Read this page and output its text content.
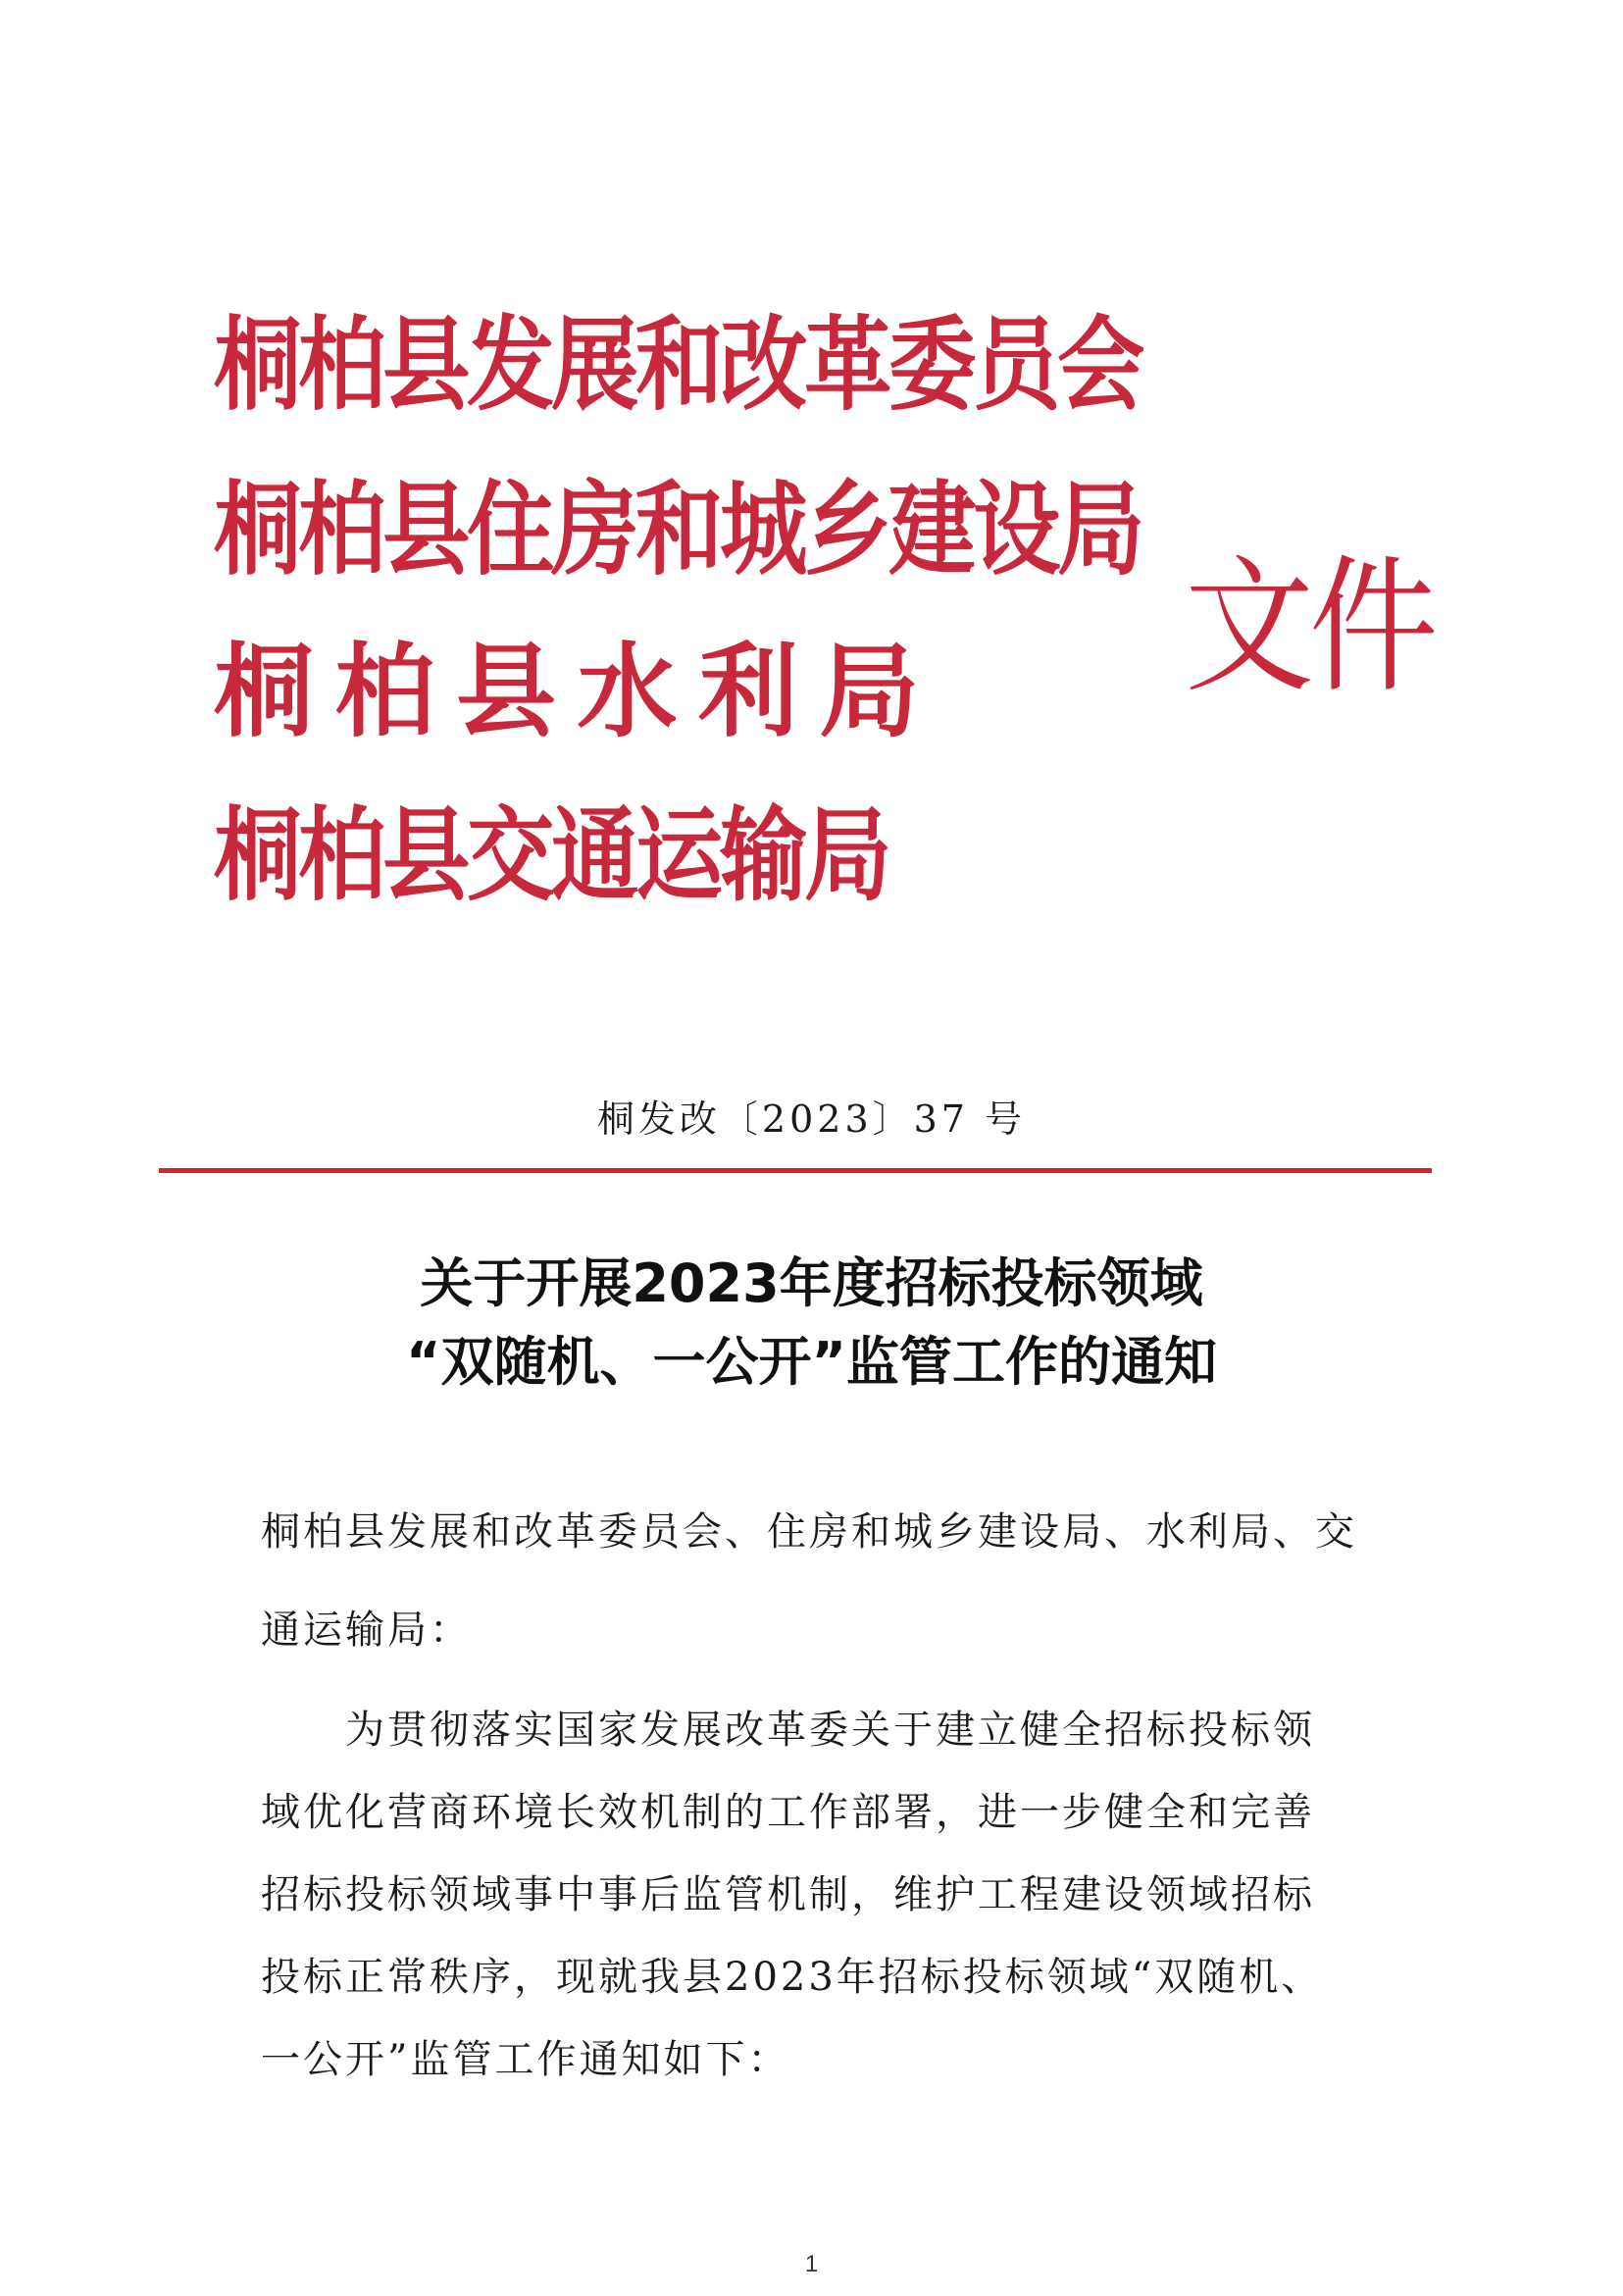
桐柏县发展和改革委员会
桐柏县住房和城乡建设局
桐柏县水利局
桐柏县交通运输局
文件
桐发改〔2023〕37 号
关于开展2023年度招标投标领域
“双随机、一公开”监管工作的通知
桐柏县发展和改革委员会、住房和城乡建设局、水利局、交
通运输局：
为贯彻落实国家发展改革委关于建立健全招标投标领
域优化营商环境长效机制的工作部署，进一步健全和完善
招标投标领域事中事后监管机制，维护工程建设领域招标
投标正常秩序，现就我县2023年招标投标领域“双随机、
一公开”监管工作通知如下：
1
